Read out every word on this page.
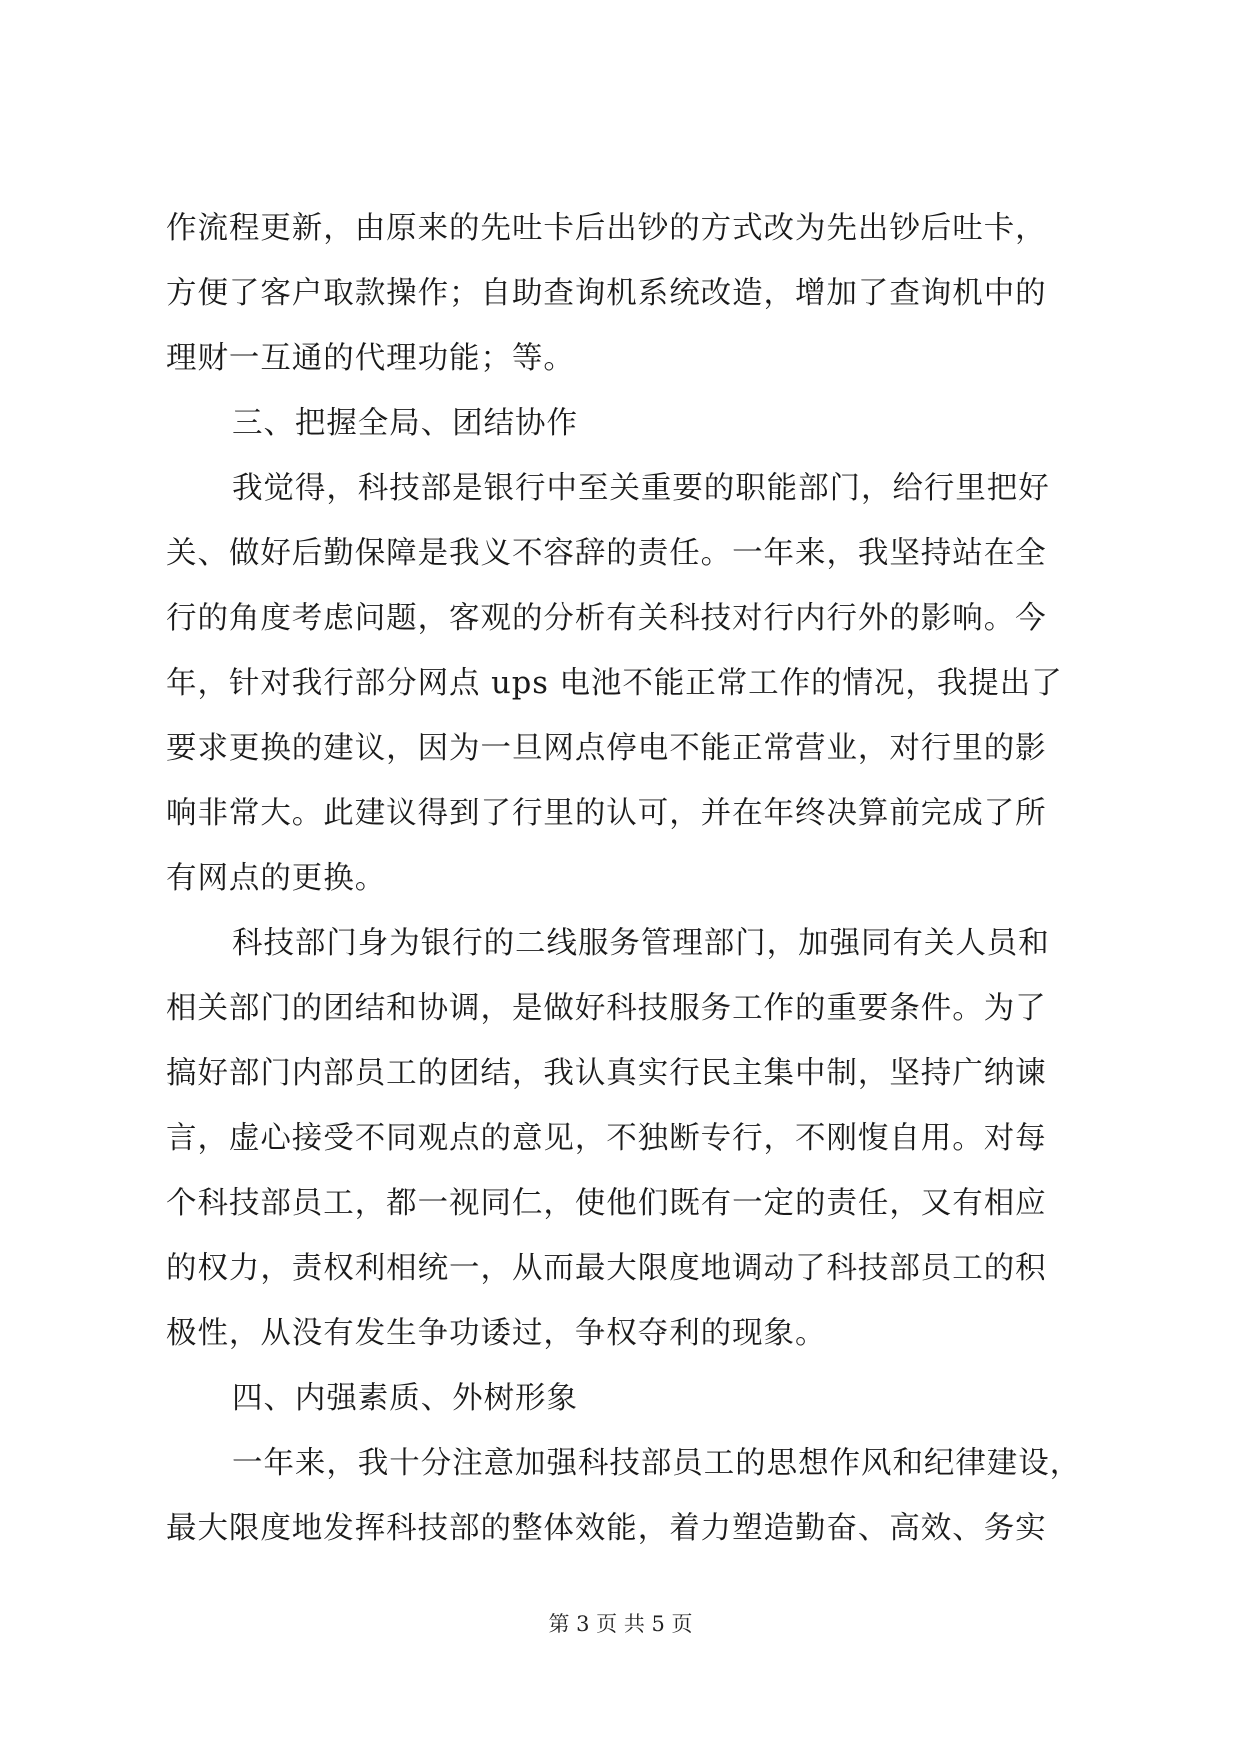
作流程更新，由原来的先吐卡后出钞的方式改为先出钞后吐卡，
方便了客户取款操作；自助查询机系统改造，增加了查询机中的
理财一互通的代理功能；等。
三、把握全局、团结协作
我觉得，科技部是银行中至关重要的职能部门，给行里把好
关、做好后勤保障是我义不容辞的责任。一年来，我坚持站在全
行的角度考虑问题，客观的分析有关科技对行内行外的影响。今
年，针对我行部分网点 ups 电池不能正常工作的情况，我提出了
要求更换的建议，因为一旦网点停电不能正常营业，对行里的影
响非常大。此建议得到了行里的认可，并在年终决算前完成了所
有网点的更换。
科技部门身为银行的二线服务管理部门，加强同有关人员和
相关部门的团结和协调，是做好科技服务工作的重要条件。为了
搞好部门内部员工的团结，我认真实行民主集中制，坚持广纳谏
言，虚心接受不同观点的意见，不独断专行，不刚愎自用。对每
个科技部员工，都一视同仁，使他们既有一定的责任，又有相应
的权力，责权利相统一，从而最大限度地调动了科技部员工的积
极性，从没有发生争功诿过，争权夺利的现象。
四、内强素质、外树形象
一年来，我十分注意加强科技部员工的思想作风和纪律建设，
最大限度地发挥科技部的整体效能，着力塑造勤奋、高效、务实
第 3 页 共 5 页
